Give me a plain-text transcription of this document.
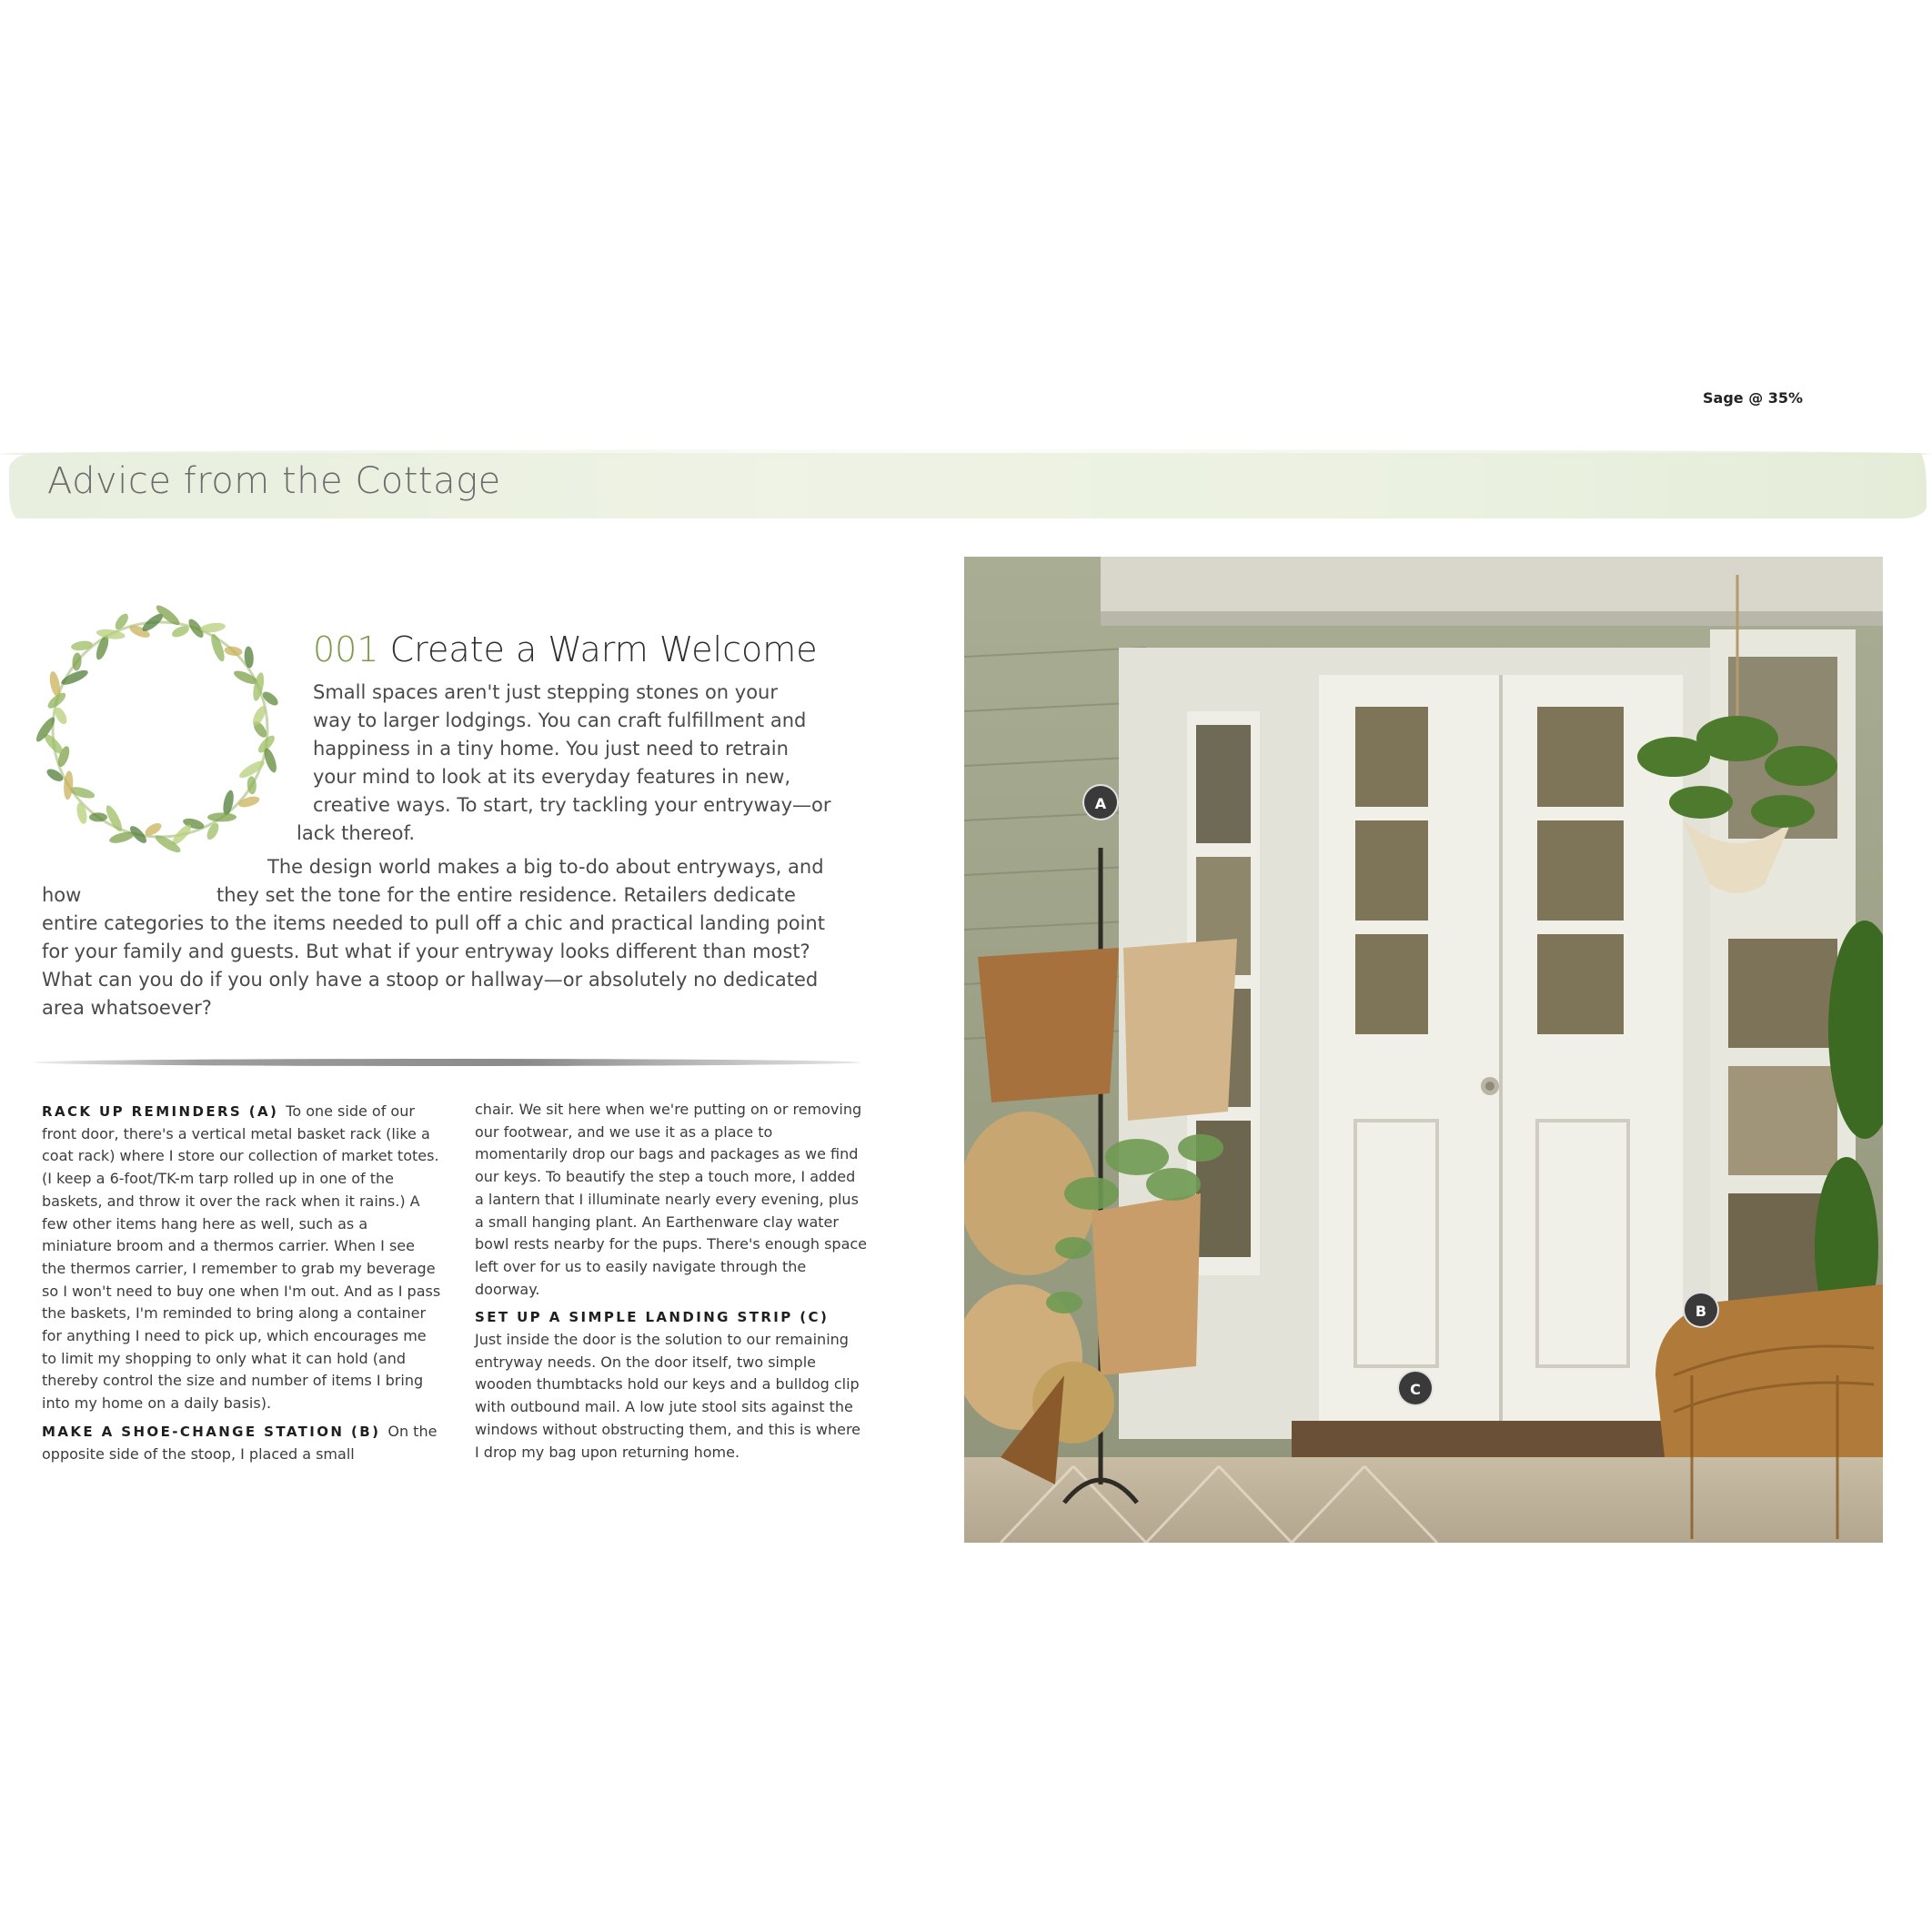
Sage @ 35%
Advice from the Cottage
001 Create a Warm Welcome
Small spaces aren't just stepping stones on your
way to larger lodgings. You can craft fulfillment and
happiness in a tiny home. You just need to retrain
your mind to look at its everyday features in new,
creative ways. To start, try tackling your entryway—or
lack thereof.
The design world makes a big to-do about entryways, and
how	they set the tone for the entire residence. Retailers dedicate
entire categories to the items needed to pull off a chic and practical landing point
for your family and guests. But what if your entryway looks different than most?
What can you do if you only have a stoop or hallway—or absolutely no dedicated
area whatsoever?

RACK UP REMINDERS (A) To one side of our front door, there's a vertical metal basket rack (like a coat rack) where I store our collection of market totes. (I keep a 6-foot/TK-m tarp rolled up in one of the baskets, and throw it over the rack when it rains.) A few other items hang here as well, such as a miniature broom and a thermos carrier. When I see the thermos carrier, I remember to grab my beverage so I won't need to buy one when I'm out. And as I pass the baskets, I'm reminded to bring along a container for anything I need to pick up, which encourages me to limit my shopping to only what it can hold (and thereby control the size and number of items I bring into my home on a daily basis).

MAKE A SHOE-CHANGE STATION (B) On the opposite side of the stoop, I placed a small

chair. We sit here when we're putting on or removing our footwear, and we use it as a place to momentarily drop our bags and packages as we find our keys. To beautify the step a touch more, I added a lantern that I illuminate nearly every evening, plus a small hanging plant. An Earthenware clay water bowl rests nearby for the pups. There's enough space left over for us to easily navigate through the doorway.

SET UP A SIMPLE LANDING STRIP (C)
Just inside the door is the solution to our remaining entryway needs. On the door itself, two simple wooden thumbtacks hold our keys and a bulldog clip with outbound mail. A low jute stool sits against the windows without obstructing them, and this is where I drop my bag upon returning home.

A
B
C
